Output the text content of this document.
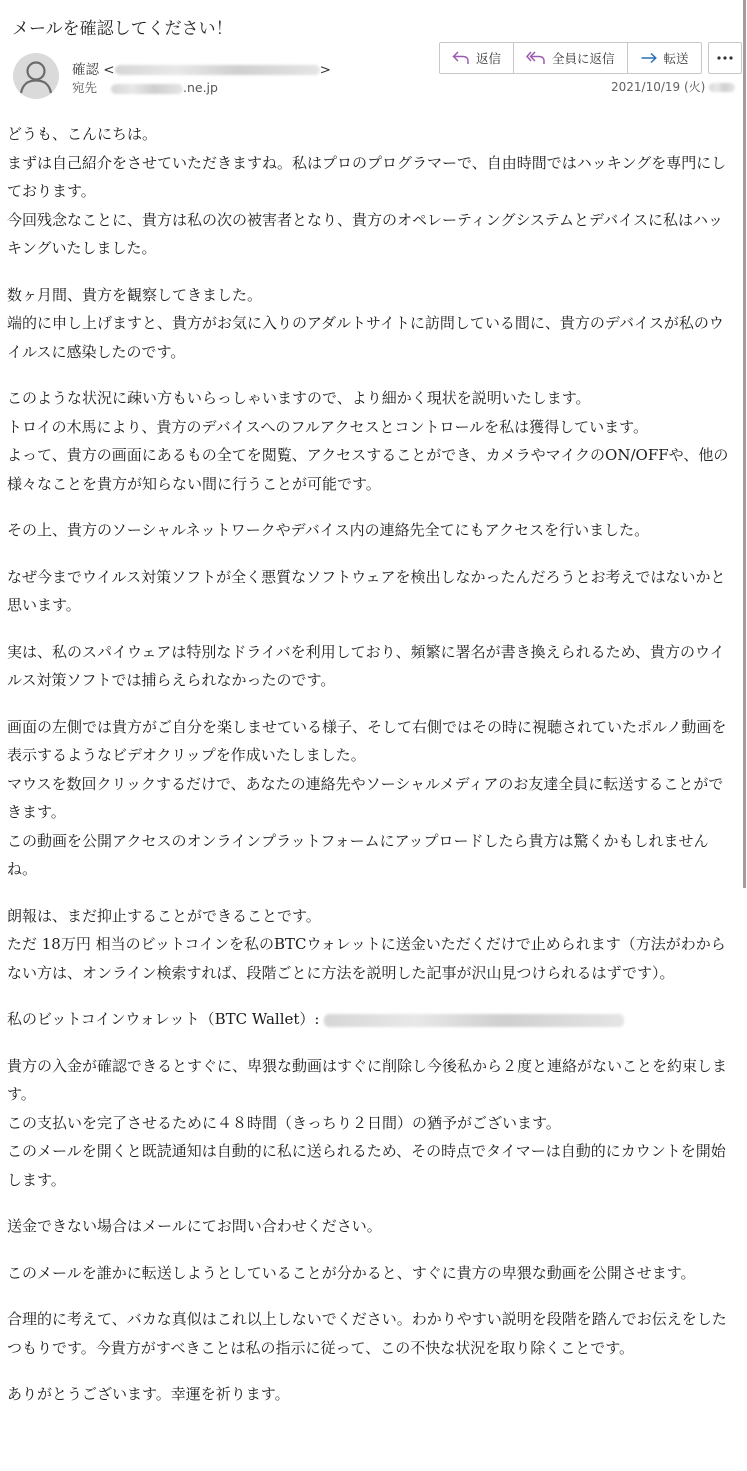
メールを確認してください！
確認 <	>
宛先	.ne.jp
返信	全員に返信	転送
2021/10/19 (火)

どうも、こんにちは。
まずは自己紹介をさせていただきますね。私はプロのプログラマーで、自由時間ではハッキングを専門にしております。
今回残念なことに、貴方は私の次の被害者となり、貴方のオペレーティングシステムとデバイスに私はハッキングいたしました。

数ヶ月間、貴方を観察してきました。
端的に申し上げますと、貴方がお気に入りのアダルトサイトに訪問している間に、貴方のデバイスが私のウイルスに感染したのです。

このような状況に疎い方もいらっしゃいますので、より細かく現状を説明いたします。
トロイの木馬により、貴方のデバイスへのフルアクセスとコントロールを私は獲得しています。
よって、貴方の画面にあるもの全てを閲覧、アクセスすることができ、カメラやマイクのON/OFFや、他の様々なことを貴方が知らない間に行うことが可能です。

その上、貴方のソーシャルネットワークやデバイス内の連絡先全てにもアクセスを行いました。

なぜ今までウイルス対策ソフトが全く悪質なソフトウェアを検出しなかったんだろうとお考えではないかと思います。

実は、私のスパイウェアは特別なドライバを利用しており、頻繁に署名が書き換えられるため、貴方のウイルス対策ソフトでは捕らえられなかったのです。

画面の左側では貴方がご自分を楽しませている様子、そして右側ではその時に視聴されていたポルノ動画を表示するようなビデオクリップを作成いたしました。
マウスを数回クリックするだけで、あなたの連絡先やソーシャルメディアのお友達全員に転送することができます。
この動画を公開アクセスのオンラインプラットフォームにアップロードしたら貴方は驚くかもしれませんね。

朗報は、まだ抑止することができることです。
ただ 18万円 相当のビットコインを私のBTCウォレットに送金いただくだけで止められます（方法がわからない方は、オンライン検索すれば、段階ごとに方法を説明した記事が沢山見つけられるはずです）。

私のビットコインウォレット（BTC Wallet）:

貴方の入金が確認できるとすぐに、卑猥な動画はすぐに削除し今後私から２度と連絡がないことを約束します。
この支払いを完了させるために４８時間（きっちり２日間）の猶予がございます。
このメールを開くと既読通知は自動的に私に送られるため、その時点でタイマーは自動的にカウントを開始します。

送金できない場合はメールにてお問い合わせください。

このメールを誰かに転送しようとしていることが分かると、すぐに貴方の卑猥な動画を公開させます。

合理的に考えて、バカな真似はこれ以上しないでください。わかりやすい説明を段階を踏んでお伝えをしたつもりです。今貴方がすべきことは私の指示に従って、この不快な状況を取り除くことです。

ありがとうございます。幸運を祈ります。
